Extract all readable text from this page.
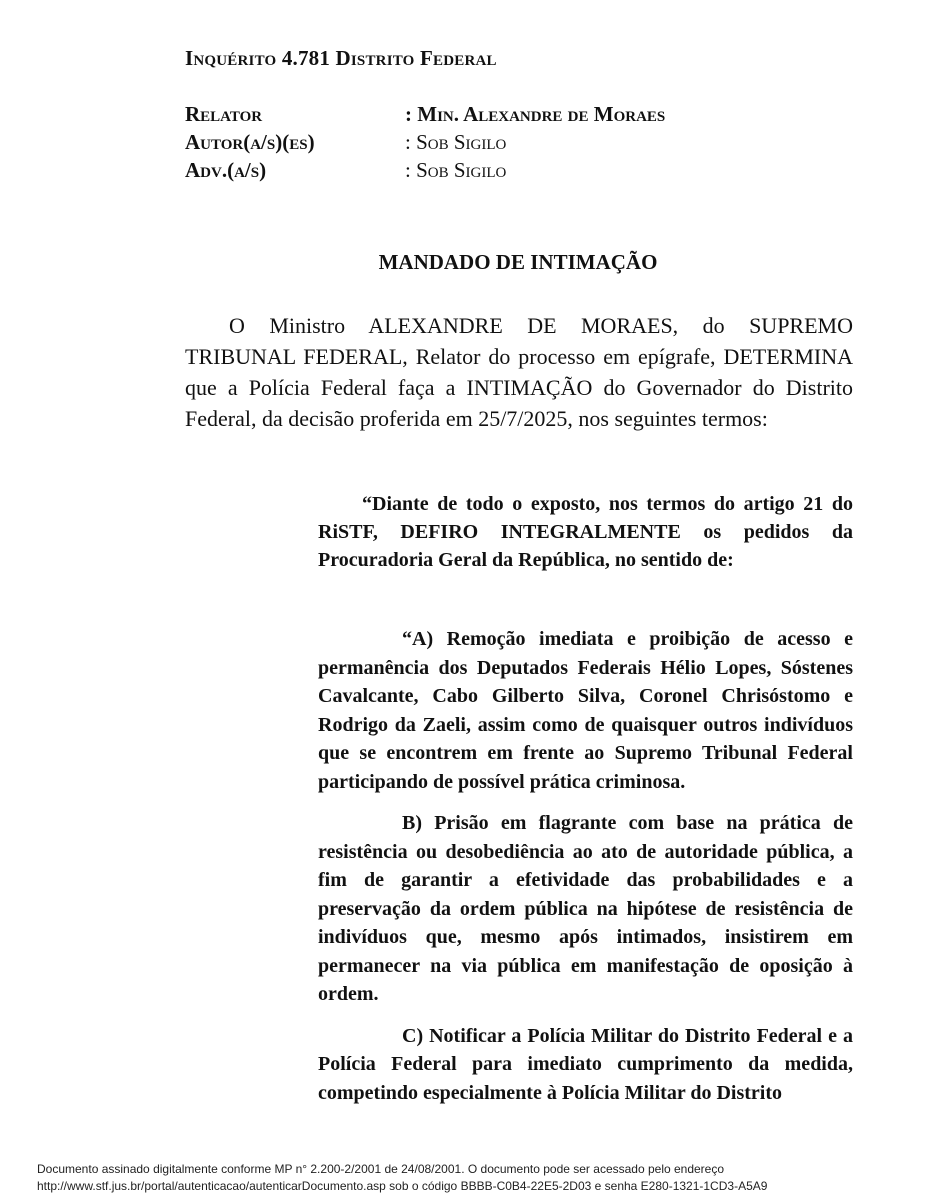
Inquérito 4.781 Distrito Federal
Relator	: Min. Alexandre de Moraes
Autor(a/s)(es)	: Sob Sigilo
Adv.(a/s)	: Sob Sigilo
MANDADO DE INTIMAÇÃO

O Ministro ALEXANDRE DE MORAES, do SUPREMO TRIBUNAL FEDERAL, Relator do processo em epígrafe, DETERMINA que a Polícia Federal faça a INTIMAÇÃO do Governador do Distrito Federal, da decisão proferida em 25/7/2025, nos seguintes termos:

“Diante de todo o exposto, nos termos do artigo 21 do RiSTF, DEFIRO INTEGRALMENTE os pedidos da Procuradoria Geral da República, no sentido de:

“A) Remoção imediata e proibição de acesso e permanência dos Deputados Federais Hélio Lopes, Sóstenes Cavalcante, Cabo Gilberto Silva, Coronel Chrisóstomo e Rodrigo da Zaeli, assim como de quaisquer outros indivíduos que se encontrem em frente ao Supremo Tribunal Federal participando de possível prática criminosa.

B) Prisão em flagrante com base na prática de resistência ou desobediência ao ato de autoridade pública, a fim de garantir a efetividade das probabilidades e a preservação da ordem pública na hipótese de resistência de indivíduos que, mesmo após intimados, insistirem em permanecer na via pública em manifestação de oposição à ordem.

C) Notificar a Polícia Militar do Distrito Federal e a Polícia Federal para imediato cumprimento da medida, competindo especialmente à Polícia Militar do Distrito

Documento assinado digitalmente conforme MP n° 2.200-2/2001 de 24/08/2001. O documento pode ser acessado pelo endereço
http://www.stf.jus.br/portal/autenticacao/autenticarDocumento.asp sob o código BBBB-C0B4-22E5-2D03 e senha E280-1321-1CD3-A5A9
